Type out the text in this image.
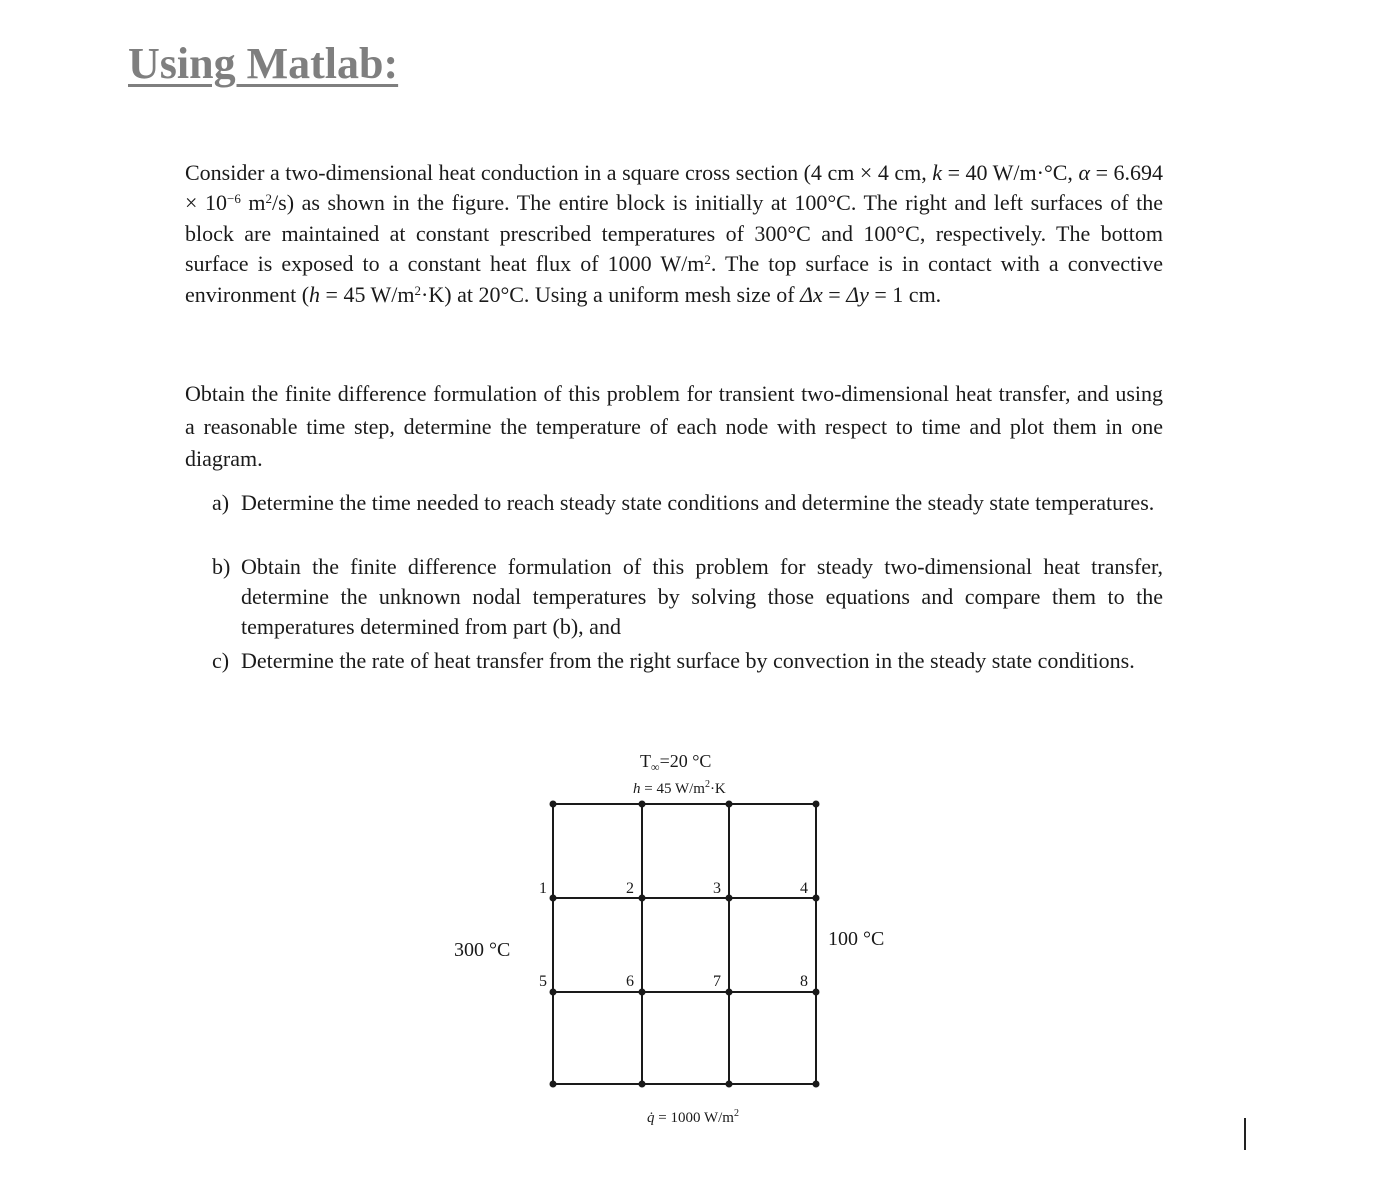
Using Matlab:
Consider a two-dimensional heat conduction in a square cross section (4 cm × 4 cm, k = 40 W/m·°C, $\alpha = 6.694 \times 10^{-6}$ $m^2/s$) as shown in the figure. The entire block is initially at 100°C. The right and left surfaces of the block are maintained at constant prescribed temperatures of 300°C and 100°C, respectively. The bottom surface is exposed to a constant heat flux of 1000 $W/m^2$. The top surface is in contact with a convective environment (h = 45 $W/m^2\cdot K$) at 20°C. Using a uniform mesh size of Δx = Δy = 1 cm.
Obtain the finite difference formulation of this problem for transient two-dimensional heat transfer, and using a reasonable time step, determine the temperature of each node with respect to time and plot them in one diagram.
a) Determine the time needed to reach steady state conditions and determine the steady state temperatures.
b) Obtain the finite difference formulation of this problem for steady two-dimensional heat transfer, determine the unknown nodal temperatures by solving those equations and compare them to the temperatures determined from part (b), and
c) Determine the rate of heat transfer from the right surface by convection in the steady state conditions.
$T_\infty=20$ °C
h = 45 $W/m^2\cdot K$
300 °C	100 °C
q̇ = 1000 $W/m^2$
1	2	3	4
5	6	7	8
